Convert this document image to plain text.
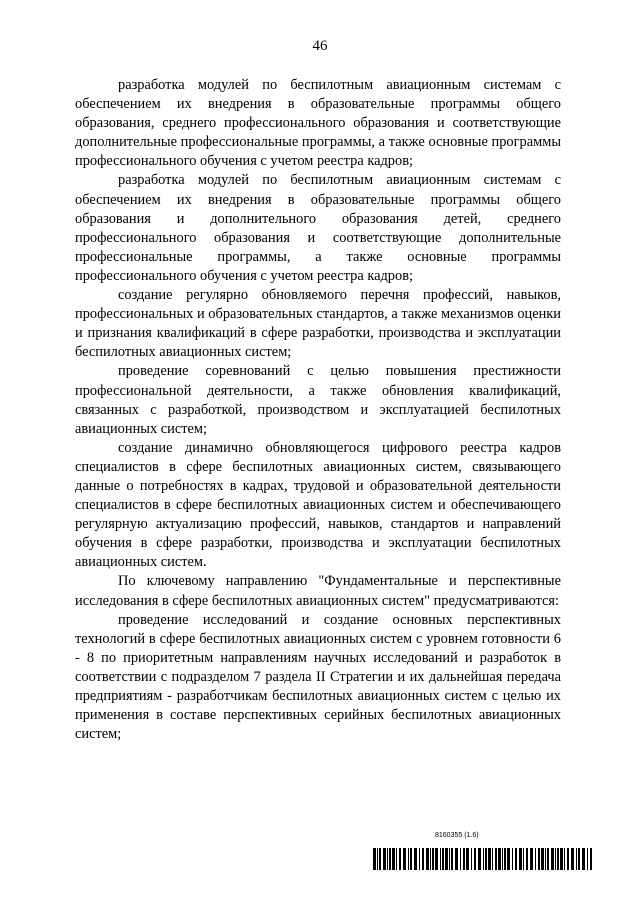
46

разработка модулей по беспилотным авиационным системам с обеспечением их внедрения в образовательные программы общего образования, среднего профессионального образования и соответствующие дополнительные профессиональные программы, а также основные программы профессионального обучения с учетом реестра кадров;

разработка модулей по беспилотным авиационным системам с обеспечением их внедрения в образовательные программы общего образования и дополнительного образования детей, среднего профессионального образования и соответствующие дополнительные профессиональные программы, а также основные программы профессионального обучения с учетом реестра кадров;

создание регулярно обновляемого перечня профессий, навыков, профессиональных и образовательных стандартов, а также механизмов оценки и признания квалификаций в сфере разработки, производства и эксплуатации беспилотных авиационных систем;

проведение соревнований с целью повышения престижности профессиональной деятельности, а также обновления квалификаций, связанных с разработкой, производством и эксплуатацией беспилотных авиационных систем;

создание динамично обновляющегося цифрового реестра кадров специалистов в сфере беспилотных авиационных систем, связывающего данные о потребностях в кадрах, трудовой и образовательной деятельности специалистов в сфере беспилотных авиационных систем и обеспечивающего регулярную актуализацию профессий, навыков, стандартов и направлений обучения в сфере разработки, производства и эксплуатации беспилотных авиационных систем.

По ключевому направлению "Фундаментальные и перспективные исследования в сфере беспилотных авиационных систем" предусматриваются:

проведение исследований и создание основных перспективных технологий в сфере беспилотных авиационных систем с уровнем готовности 6 - 8 по приоритетным направлениям научных исследований и разработок в соответствии с подразделом 7 раздела II Стратегии и их дальнейшая передача предприятиям - разработчикам беспилотных авиационных систем с целью их применения в составе перспективных серийных беспилотных авиационных систем;

8160355 (1.6)
